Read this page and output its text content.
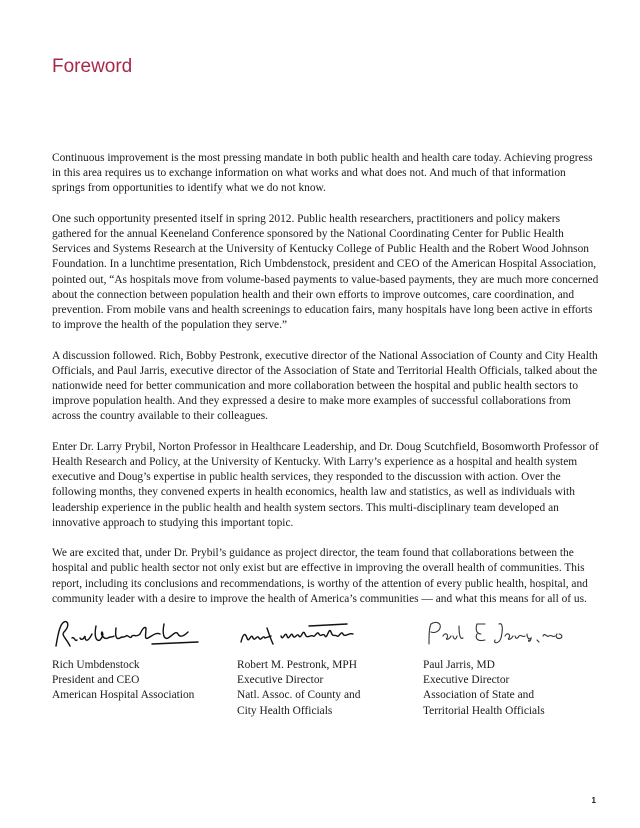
Foreword

Continuous improvement is the most pressing mandate in both public health and health care today. Achieving progress in this area requires us to exchange information on what works and what does not. And much of that information springs from opportunities to identify what we do not know.

One such opportunity presented itself in spring 2012. Public health researchers, practitioners and policy makers gathered for the annual Keeneland Conference sponsored by the National Coordinating Center for Public Health Services and Systems Research at the University of Kentucky College of Public Health and the Robert Wood Johnson Foundation. In a lunchtime presentation, Rich Umbdenstock, president and CEO of the American Hospital Association, pointed out, “As hospitals move from volume-based payments to value-based payments, they are much more concerned about the connection between population health and their own efforts to improve outcomes, care coordination, and prevention. From mobile vans and health screenings to education fairs, many hospitals have long been active in efforts to improve the health of the population they serve.”

A discussion followed. Rich, Bobby Pestronk, executive director of the National Association of County and City Health Officials, and Paul Jarris, executive director of the Association of State and Territorial Health Officials, talked about the nationwide need for better communication and more collaboration between the hospital and public health sectors to improve population health. And they expressed a desire to make more examples of successful collaborations from across the country available to their colleagues.

Enter Dr. Larry Prybil, Norton Professor in Healthcare Leadership, and Dr. Doug Scutchfield, Bosomworth Professor of Health Research and Policy, at the University of Kentucky. With Larry’s experience as a hospital and health system executive and Doug’s expertise in public health services, they responded to the discussion with action. Over the following months, they convened experts in health economics, health law and statistics, as well as individuals with leadership experience in the public health and health system sectors. This multi-disciplinary team developed an innovative approach to studying this important topic.

We are excited that, under Dr. Prybil’s guidance as project director, the team found that collaborations between the hospital and public health sector not only exist but are effective in improving the overall health of communities. This report, including its conclusions and recommendations, is worthy of the attention of every public health, hospital, and community leader with a desire to improve the health of America’s communities — and what this means for all of us.

Rich Umbdenstock
President and CEO
American Hospital Association
Robert M. Pestronk, MPH
Executive Director
Natl. Assoc. of County and
City Health Officials
Paul Jarris, MD
Executive Director
Association of State and
Territorial Health Officials
1
